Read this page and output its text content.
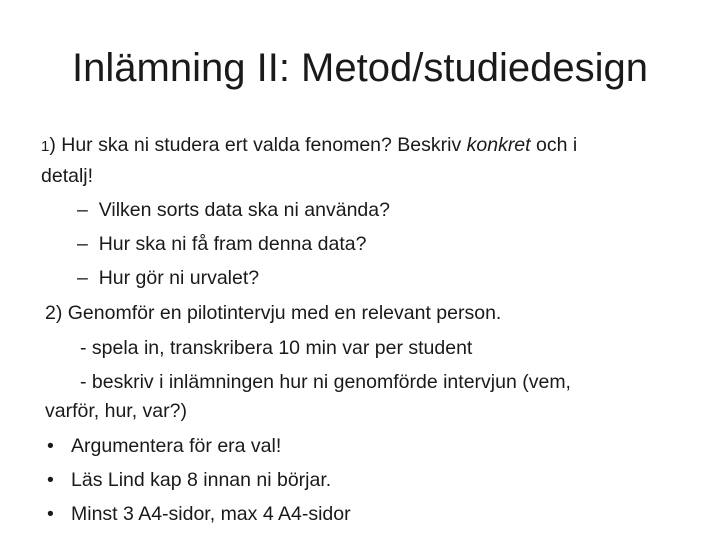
Inlämning II: Metod/studiedesign
1) Hur ska ni studera ert valda fenomen? Beskriv konkret och i
detalj!
– Vilken sorts data ska ni använda?
– Hur ska ni få fram denna data?
– Hur gör ni urvalet?
2) Genomför en pilotintervju med en relevant person.
- spela in, transkribera 10 min var per student
- beskriv i inlämningen hur ni genomförde intervjun (vem,
varför, hur, var?)
• Argumentera för era val!
• Läs Lind kap 8 innan ni börjar.
• Minst 3 A4-sidor, max 4 A4-sidor
